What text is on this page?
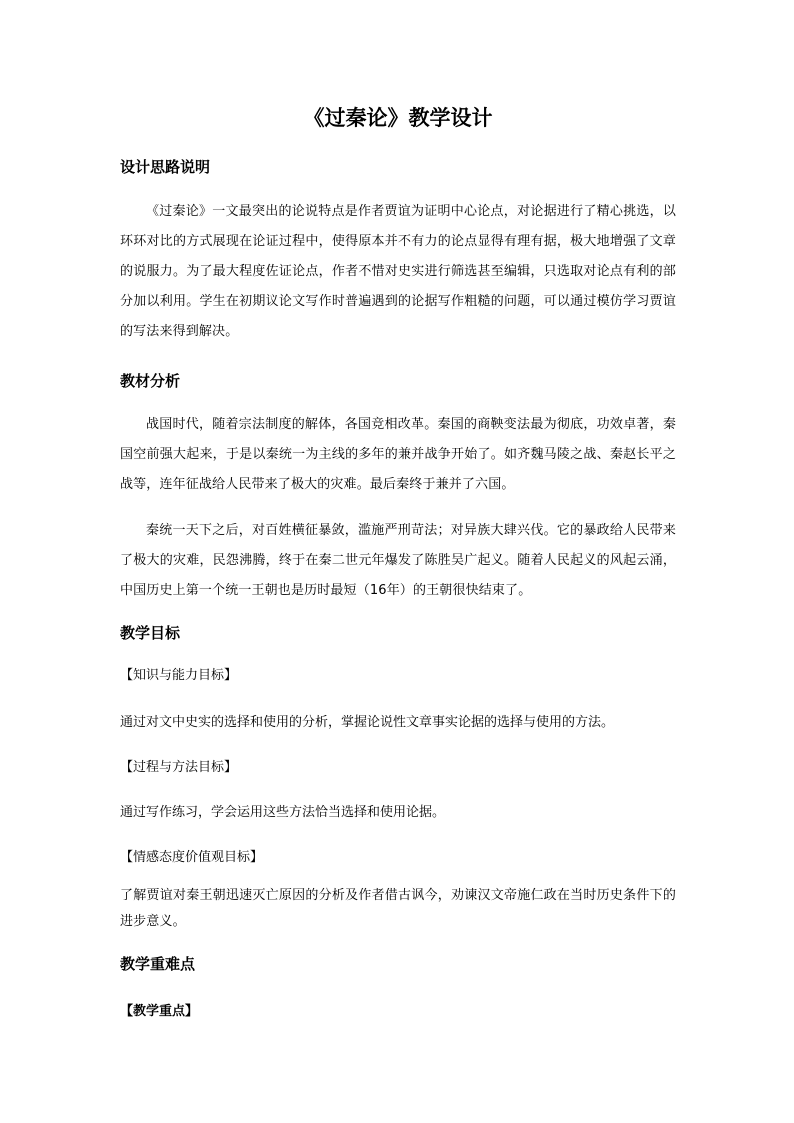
《过秦论》教学设计
设计思路说明

《过秦论》一文最突出的论说特点是作者贾谊为证明中心论点，对论据进行了精心挑选，以环环对比的方式展现在论证过程中，使得原本并不有力的论点显得有理有据，极大地增强了文章的说服力。为了最大程度佐证论点，作者不惜对史实进行筛选甚至编辑，只选取对论点有利的部分加以利用。学生在初期议论文写作时普遍遇到的论据写作粗糙的问题，可以通过模仿学习贾谊的写法来得到解决。

教材分析

战国时代，随着宗法制度的解体，各国竞相改革。秦国的商鞅变法最为彻底，功效卓著，秦国空前强大起来，于是以秦统一为主线的多年的兼并战争开始了。如齐魏马陵之战、秦赵长平之战等，连年征战给人民带来了极大的灾难。最后秦终于兼并了六国。

秦统一天下之后，对百姓横征暴敛，滥施严刑苛法；对异族大肆兴伐。它的暴政给人民带来了极大的灾难，民怨沸腾，终于在秦二世元年爆发了陈胜吴广起义。随着人民起义的风起云涌，中国历史上第一个统一王朝也是历时最短（16年）的王朝很快结束了。

教学目标

【知识与能力目标】

通过对文中史实的选择和使用的分析，掌握论说性文章事实论据的选择与使用的方法。

【过程与方法目标】

通过写作练习，学会运用这些方法恰当选择和使用论据。

【情感态度价值观目标】

了解贾谊对秦王朝迅速灭亡原因的分析及作者借古讽今，劝谏汉文帝施仁政在当时历史条件下的进步意义。

教学重难点

【教学重点】
